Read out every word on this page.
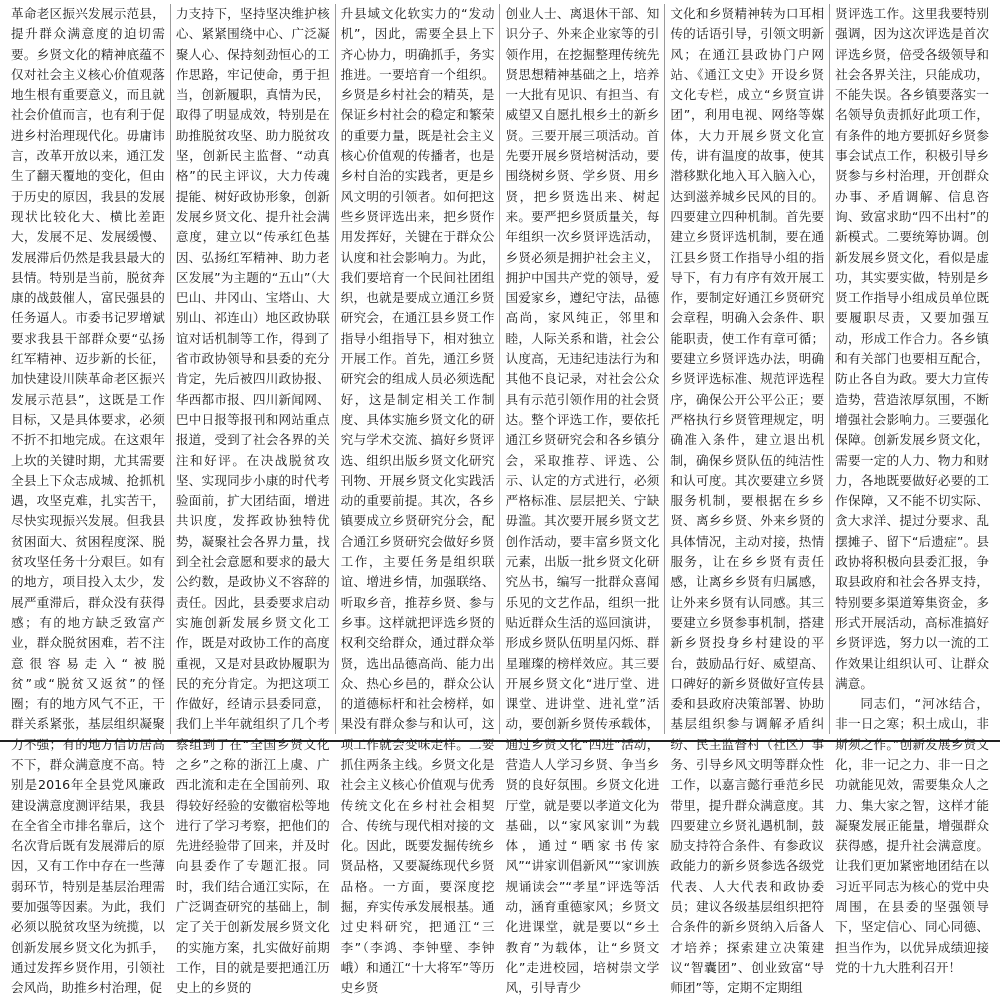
革命老区振兴发展示范县，提升群众满意度的迫切需要。乡贤文化的精神底蕴不仅对社会主义核心价值观落地生根有重要意义，而且就社会价值而言，也有利于促进乡村治理现代化。毋庸讳言，改革开放以来，通江发生了翻天覆地的变化，但由于历史的原因，我县的发展现状比较化大、横比差距大，发展不足、发展缓慢、发展滞后仍然是我县最大的县情。特别是当前，脱贫奔康的战鼓催人，富民强县的任务逼人。市委书记罗增斌要求我县干部群众要“弘扬红军精神、迈步新的长征，加快建设川陕革命老区振兴发展示范县”，这既是工作目标，又是具体要求，必须不折不扣地完成。在这艰年上坎的关键时期，尤其需要全县上下众志成城、抢抓机遇，攻坚克难，扎实苦干，尽快实现振兴发展。但我县贫困面大、贫困程度深、脱贫攻坚任务十分艰巨。如有的地方，项目投入太少，发展严重滞后，群众没有获得感；有的地方缺乏致富产业，群众脱贫困难，若不注意很容易走入“被脱贫”或“脱贫又返贫”的怪圈；有的地方风气不正，干群关系紧张，基层组织凝聚力不强；有的地方信访居高不下，群众满意度不高。特别是2016年全县党风廉政建设满意度测评结果，我县在全省全市排名靠后，这个名次背后既有发展滞后的原因，又有工作中存在一些薄弱环节，特别是基层治理需要加强等因素。为此，我们必须以脱贫攻坚为统揽，以创新发展乡贤文化为抓手，通过发挥乡贤作用，引领社会风尚，助推乡村治理，促

力支持下，坚持坚决维护核心、紧紧围绕中心、广泛凝聚人心、保持刻劲恒心的工作思路，牢记使命，勇于担当，创新履职，真情为民，取得了明显成效，特别是在助推脱贫攻坚、助力脱贫攻坚，创新民主监督、“动真格”的民主评议，大力传魂提能、树好政协形象，创新发展乡贤文化、提升社会满意度，建立以“传承红色基因、弘扬红军精神、助力老区发展”为主题的“五山”（大巴山、井冈山、宝塔山、大别山、祁连山）地区政协联谊对话机制等工作，得到了省市政协领导和县委的充分肯定，先后被四川政协报、华西都市报、四川新闻网、巴中日报等报刊和网站重点报道，受到了社会各界的关注和好评。在决战脱贫攻坚、实现同步小康的时代考验面前，扩大团结面，增进共识度，发挥政协独特优势，凝聚社会各界力量，找到全社会意愿和要求的最大公约数，是政协义不容辞的责任。因此，县委要求启动实施创新发展乡贤文化工作，既是对政协工作的高度重视，又是对县政协履职为民的充分肯定。为把这项工作做好，经请示县委同意，我们上半年就组织了几个考察组到了在“全国乡贤文化之乡”之称的浙江上虞、广西北流和走在全国前列、取得较好经验的安徽宿松等地进行了学习考察，把他们的先进经验带了回来，并及时向县委作了专题汇报。同时，我们结合通江实际，在广泛调查研究的基础上，制定了关于创新发展乡贤文化的实施方案，扎实做好前期工作，目的就是要把通江历史上的乡贤的

升县域文化软实力的“发动机”，因此，需要全县上下齐心协力，明确抓手，务实推进。一要培育一个组织。乡贤是乡村社会的精英，是保证乡村社会的稳定和繁荣的重要力量，既是社会主义核心价值观的传播者，也是乡村自治的实践者，更是乡风文明的引领者。如何把这些乡贤评选出来，把乡贤作用发挥好，关键在于群众公认度和社会影响力。为此，我们要培育一个民间社团组织，也就是要成立通江乡贤研究会，在通江县乡贤工作指导小组指导下，相对独立开展工作。首先，通江乡贤研究会的组成人员必须选配好，这是制定相关工作制度、具体实施乡贤文化的研究与学术交流、搞好乡贤评选、组织出版乡贤文化研究刊物、开展乡贤文化实践活动的重要前提。其次，各乡镇要成立乡贤研究分会，配合通江乡贤研究会做好乡贤工作，主要任务是组织联谊、增进乡情，加强联络、听取乡音，推荐乡贤、参与乡事。这样就把评选乡贤的权利交给群众，通过群众举贤，选出品德高尚、能力出众、热心乡邑的，群众公认的道德标杆和社会榜样，如果没有群众参与和认可，这项工作就会变味走样。二要抓住两条主线。乡贤文化是社会主义核心价值观与优秀传统文化在乡村社会相契合、传统与现代相对接的文化。因此，既要发掘传统乡贤品格，又要凝练现代乡贤品格。一方面，要深度挖掘，弃实传承发展根基。通过史料研究，把通江“三李”（李鸿、李钟壁、李钟峨）和通江“十大将军”等历史乡贤

创业人士、离退休干部、知识分子、外来企业家等的引领作用，在挖掘整理传统先贤思想精神基础之上，培养一大批有见识、有担当、有威望又自愿扎根乡土的新乡贤。三要开展三项活动。首先要开展乡贤培树活动，要围绕树乡贤、学乡贤、用乡贤，把乡贤选出来、树起来。要严把乡贤质量关，每年组织一次乡贤评选活动，乡贤必须是拥护社会主义，拥护中国共产党的领导，爱国爱家乡，遵纪守法，品德高尚，家风纯正，邻里和睦，人际关系和谐，社会公认度高，无违纪违法行为和其他不良记录，对社会公众具有示范引领作用的社会贤达。整个评选工作，要依托通江乡贤研究会和各乡镇分会，采取推荐、评选、公示、认定的方式进行，必须严格标准、层层把关、宁缺毋滥。其次要开展乡贤文艺创作活动，要丰富乡贤文化元素，出版一批乡贤文化研究丛书，编写一批群众喜闻乐见的文艺作品，组织一批贴近群众生活的巡回演讲，形成乡贤队伍明星闪烁、群星璀璨的榜样效应。其三要开展乡贤文化“进厅堂、进课堂、进讲堂、进礼堂”活动，要创新乡贤传承载体，通过乡贤文化“四进”活动，营造人人学习乡贤、争当乡贤的良好氛围。乡贤文化进厅堂，就是要以孝道文化为基础，以“家风家训”为载体，通过“晒家书传家风”“讲家训倡新风”“家训族规诵读会”“孝星”评选等活动，涵育重德家风；乡贤文化进课堂，就是要以“乡土教育”为载体，让“乡贤文化”走进校园，培树崇文学风，引导青少

文化和乡贤精神转为口耳相传的话语引导，引领文明新风；在通江县政协门户网站、《通江文史》开设乡贤文化专栏，成立“乡贤宣讲团”，利用电视、网络等媒体，大力开展乡贤文化宣传，讲有温度的故事，使其潜移默化地入耳入脑入心，达到滋养城乡民风的目的。四要建立四种机制。首先要建立乡贤评选机制，要在通江县乡贤工作指导小组的指导下，有力有序有效开展工作，要制定好通江乡贤研究会章程，明确入会条件、职能职责，使工作有章可循；要建立乡贤评选办法，明确乡贤评选标准、规范评选程序，确保公开公平公正；要严格执行乡贤管理规定，明确准入条件，建立退出机制，确保乡贤队伍的纯洁性和认可度。其次要建立乡贤服务机制，要根据在乡乡贤、离乡乡贤、外来乡贤的具体情况，主动对接，热情服务，让在乡乡贤有责任感，让离乡乡贤有归属感，让外来乡贤有认同感。其三要建立乡贤参事机制，搭建新乡贤投身乡村建设的平台，鼓励品行好、威望高、口碑好的新乡贤做好宣传县委和县政府决策部署、协助基层组织参与调解矛盾纠纷、民主监督村（社区）事务、引导乡风文明等群众性工作，以嘉言懿行垂范乡民带里，提升群众满意度。其四要建立乡贤礼遇机制，鼓励支持符合条件、有参政议政能力的新乡贤参选各级党代表、人大代表和政协委员；建议各级基层组织把符合条件的新乡贤纳入后备人才培养；探索建立决策建议“智囊团”、创业致富“导师团”等，定期不定期组

贤评选工作。这里我要特别强调，因为这次评选是首次评选乡贤，倍受各级领导和社会各界关注，只能成功，不能失误。各乡镇要落实一名领导负责抓好此项工作，有条件的地方要抓好乡贤参事会试点工作，积极引导乡贤参与乡村治理，开创群众办事、矛盾调解、信息咨询、致富求助“四不出村”的新模式。二要统筹协调。创新发展乡贤文化，看似是虚功，其实要实做，特别是乡贤工作指导小组成员单位既要履职尽责，又要加强互动，形成工作合力。各乡镇和有关部门也要相互配合，防止各自为政。要大力宣传造势，营造浓厚氛围，不断增强社会影响力。三要强化保障。创新发展乡贤文化，需要一定的人力、物力和财力，各地既要做好必要的工作保障，又不能不切实际、贪大求洋、提过分要求、乱摆摊子、留下“后遗症”。县政协将积极向县委汇报，争取县政府和社会各界支持，特别要多渠道筹集资金，多形式开展活动，高标准搞好乡贤评选，努力以一流的工作效果让组织认可、让群众满意。

同志们，“河冰结合，非一日之寒；积土成山，非斯须之作。”创新发展乡贤文化，非一记之力、非一日之功就能见效，需要集众人之力、集大家之智，这样才能凝聚发展正能量，增强群众获得感，提升社会满意度。让我们更加紧密地团结在以习近平同志为核心的党中央周围，在县委的坚强领导下，坚定信心、同心同德、担当作为，以优异成绩迎接党的十九大胜利召开！
